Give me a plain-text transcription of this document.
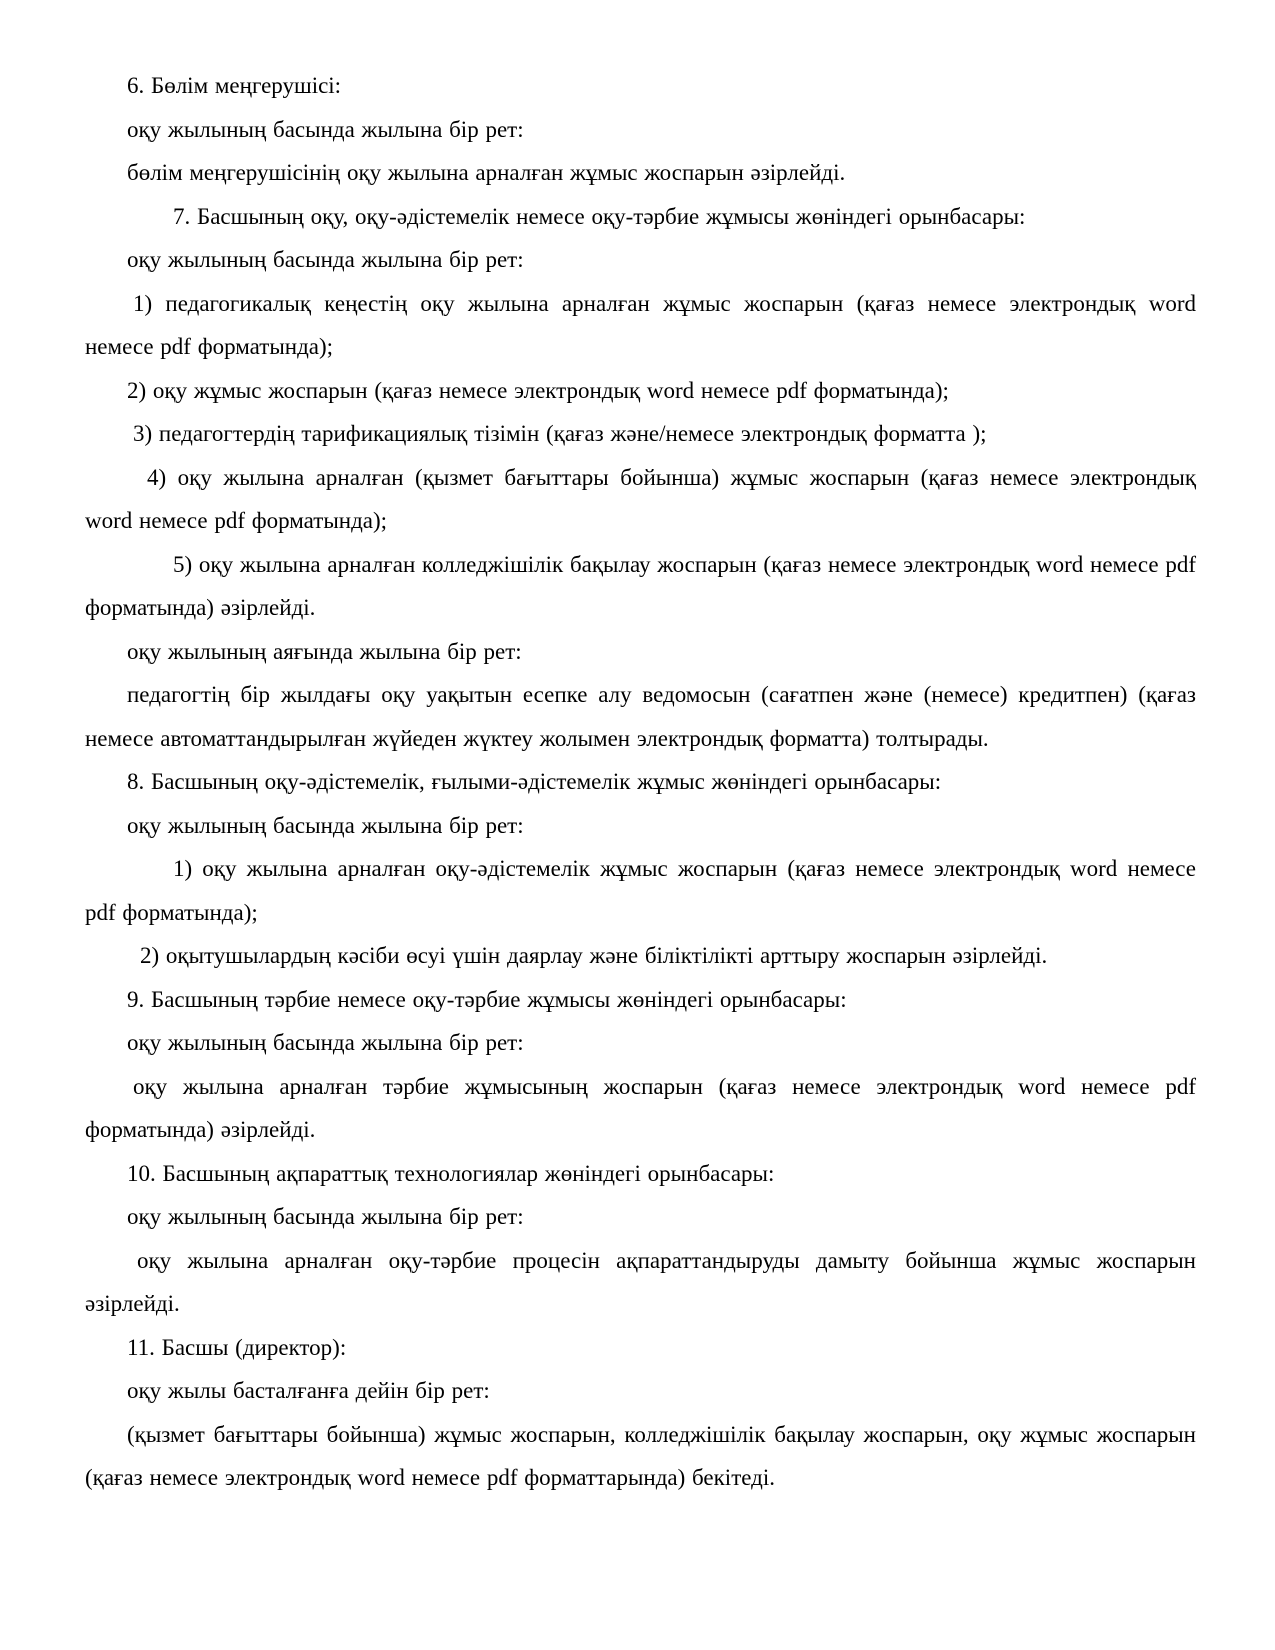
6. Бөлім меңгерушісі:

оқу жылының басында жылына бір рет:

бөлім меңгерушісінің оқу жылына арналған жұмыс жоспарын әзірлейді.

7. Басшының оқу, оқу-әдістемелік немесе оқу-тәрбие жұмысы жөніндегі орынбасары:

оқу жылының басында жылына бір рет:

1) педагогикалық кеңестің оқу жылына арналған жұмыс жоспарын (қағаз немесе электрондық word немесе pdf форматында);

2) оқу жұмыс жоспарын (қағаз немесе электрондық word немесе pdf форматында);

3) педагогтердің тарификациялық тізімін (қағаз және/немесе электрондық форматта );

4) оқу жылына арналған (қызмет бағыттары бойынша) жұмыс жоспарын (қағаз немесе электрондық word немесе pdf форматында);

5) оқу жылына арналған колледжішілік бақылау жоспарын (қағаз немесе электрондық word немесе pdf форматында) әзірлейді.

оқу жылының аяғында жылына бір рет:

педагогтің бір жылдағы оқу уақытын есепке алу ведомосын (сағатпен және (немесе) кредитпен) (қағаз немесе автоматтандырылған жүйеден жүктеу жолымен электрондық форматта) толтырады.

8. Басшының оқу-әдістемелік, ғылыми-әдістемелік жұмыс жөніндегі орынбасары:

оқу жылының басында жылына бір рет:

1) оқу жылына арналған оқу-әдістемелік жұмыс жоспарын (қағаз немесе электрондық word немесе pdf форматында);

2) оқытушылардың кәсіби өсуі үшін даярлау және біліктілікті арттыру жоспарын әзірлейді.

9. Басшының тәрбие немесе оқу-тәрбие жұмысы жөніндегі орынбасары:

оқу жылының басында жылына бір рет:

оқу жылына арналған тәрбие жұмысының жоспарын (қағаз немесе электрондық word немесе pdf форматында) әзірлейді.

10. Басшының ақпараттық технологиялар жөніндегі орынбасары:

оқу жылының басында жылына бір рет:

оқу жылына арналған оқу-тәрбие процесін ақпараттандыруды дамыту бойынша жұмыс жоспарын әзірлейді.

11. Басшы (директор):

оқу жылы басталғанға дейін бір рет:

(қызмет бағыттары бойынша) жұмыс жоспарын, колледжішілік бақылау жоспарын, оқу жұмыс жоспарын (қағаз немесе электрондық word немесе pdf форматтарында) бекітеді.
